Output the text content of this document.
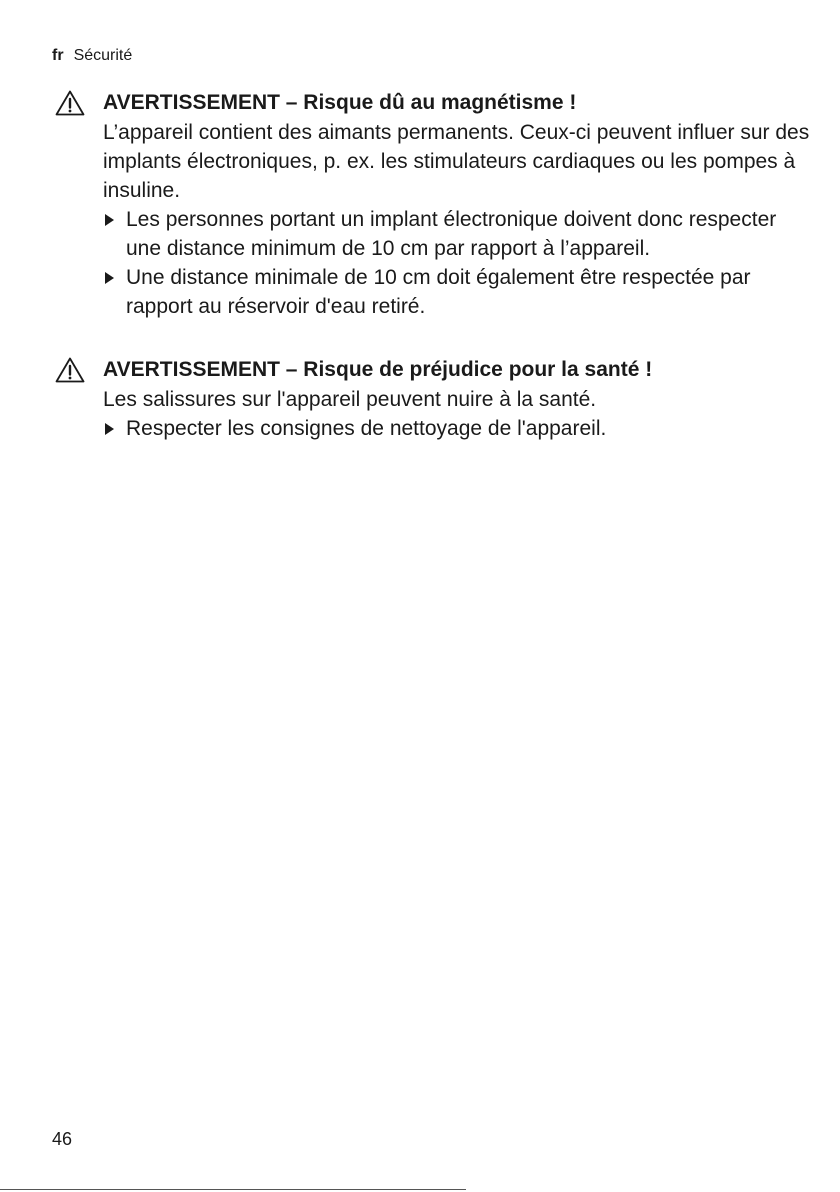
fr Sécurité
AVERTISSEMENT – Risque dû au magnétisme !

L’appareil contient des aimants permanents. Ceux-ci peuvent influer sur des implants électroniques, p. ex. les stimulateurs cardiaques ou les pompes à insuline.

Les personnes portant un implant électronique doivent donc respecter une distance minimum de 10 cm par rapport à l’appareil.
Une distance minimale de 10 cm doit également être respectée par rapport au réservoir d'eau retiré.
AVERTISSEMENT – Risque de préjudice pour la santé !

Les salissures sur l'appareil peuvent nuire à la santé.

Respecter les consignes de nettoyage de l'appareil.
46
